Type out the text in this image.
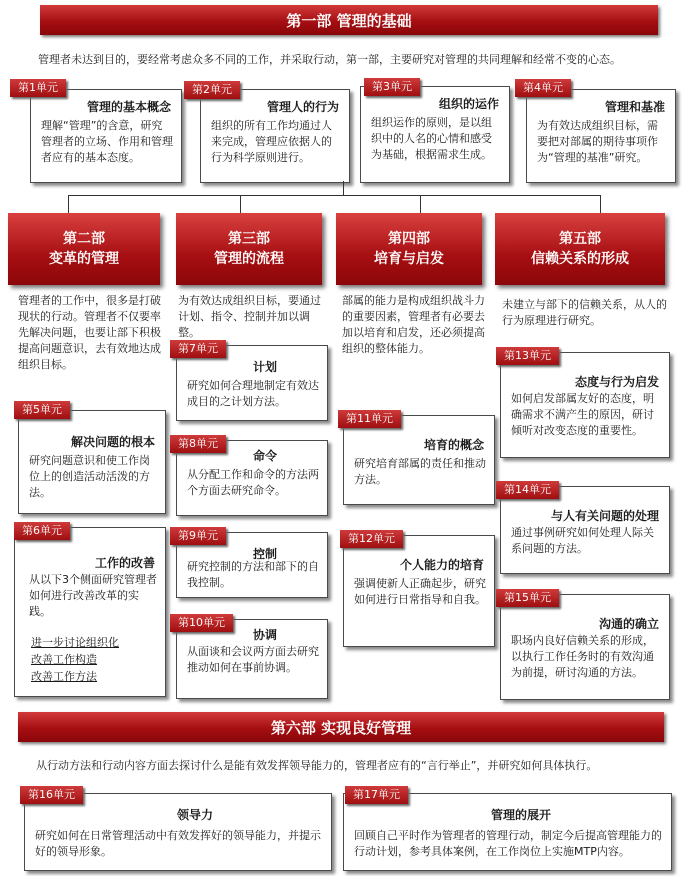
第一部 管理的基础
管理者未达到目的，要经常考虑众多不同的工作，并采取行动，第一部，主要研究对管理的共同理解和经常不变的心态。
管理的基本概念
理解“管理”的含意，研究管理者的立场、作用和管理者应有的基本态度。
第1单元
管理人的行为
组织的所有工作均通过人来完成，管理应依据人的行为科学原则进行。
第2单元
组织的运作
组织运作的原则，是以组织中的人名的心情和感受为基础，根据需求生成。
第3单元
管理和基准
为有效达成组织目标，需要把对部属的期待事项作为“管理的基准”研究。
第4单元
第二部
变革的管理
第三部
管理的流程
第四部
培育与启发
第五部
信赖关系的形成
管理者的工作中，很多是打破现状的行动。管理者不仅要率先解决问题，也要让部下积极提高问题意识，去有效地达成组织目标。
为有效达成组织目标，要通过计划、指令、控制并加以调整。
部属的能力是构成组织战斗力的重要因素，管理者有必要去加以培育和启发，还必须提高组织的整体能力。
未建立与部下的信赖关系，从人的行为原理进行研究。
解决问题的根本
研究问题意识和使工作岗位上的创造活动活泼的方法。
第5单元
工作的改善
从以下3个侧面研究管理者如何进行改善改革的实践。
进一步讨论组织化
改善工作构造
改善工作方法
第6单元
计划
研究如何合理地制定有效达成目的之计划方法。
第7单元
命令
从分配工作和命令的方法两个方面去研究命令。
第8单元
控制
研究控制的方法和部下的自我控制。
第9单元
协调
从面谈和会议两方面去研究推动如何在事前协调。
第10单元
培育的概念
研究培育部属的责任和推动方法。
第11单元
个人能力的培育
强调使新人正确起步，研究如何进行日常指导和自我。
第12单元
态度与行为启发
如何启发部属友好的态度，明确需求不满产生的原因，研讨倾听对改变态度的重要性。
第13单元
与人有关问题的处理
通过事例研究如何处理人际关系问题的方法。
第14单元
沟通的确立
职场内良好信赖关系的形成，以执行工作任务时的有效沟通为前提，研讨沟通的方法。
第15单元
第六部 实现良好管理
从行动方法和行动内容方面去探讨什么是能有效发挥领导能力的，管理者应有的“言行举止”，并研究如何具体执行。
领导力
研究如何在日常管理活动中有效发挥好的领导能力，并提示好的领导形象。
第16单元
管理的展开
回顾自己平时作为管理者的管理行动，制定今后提高管理能力的行动计划，参考具体案例，在工作岗位上实施MTP内容。
第17单元
